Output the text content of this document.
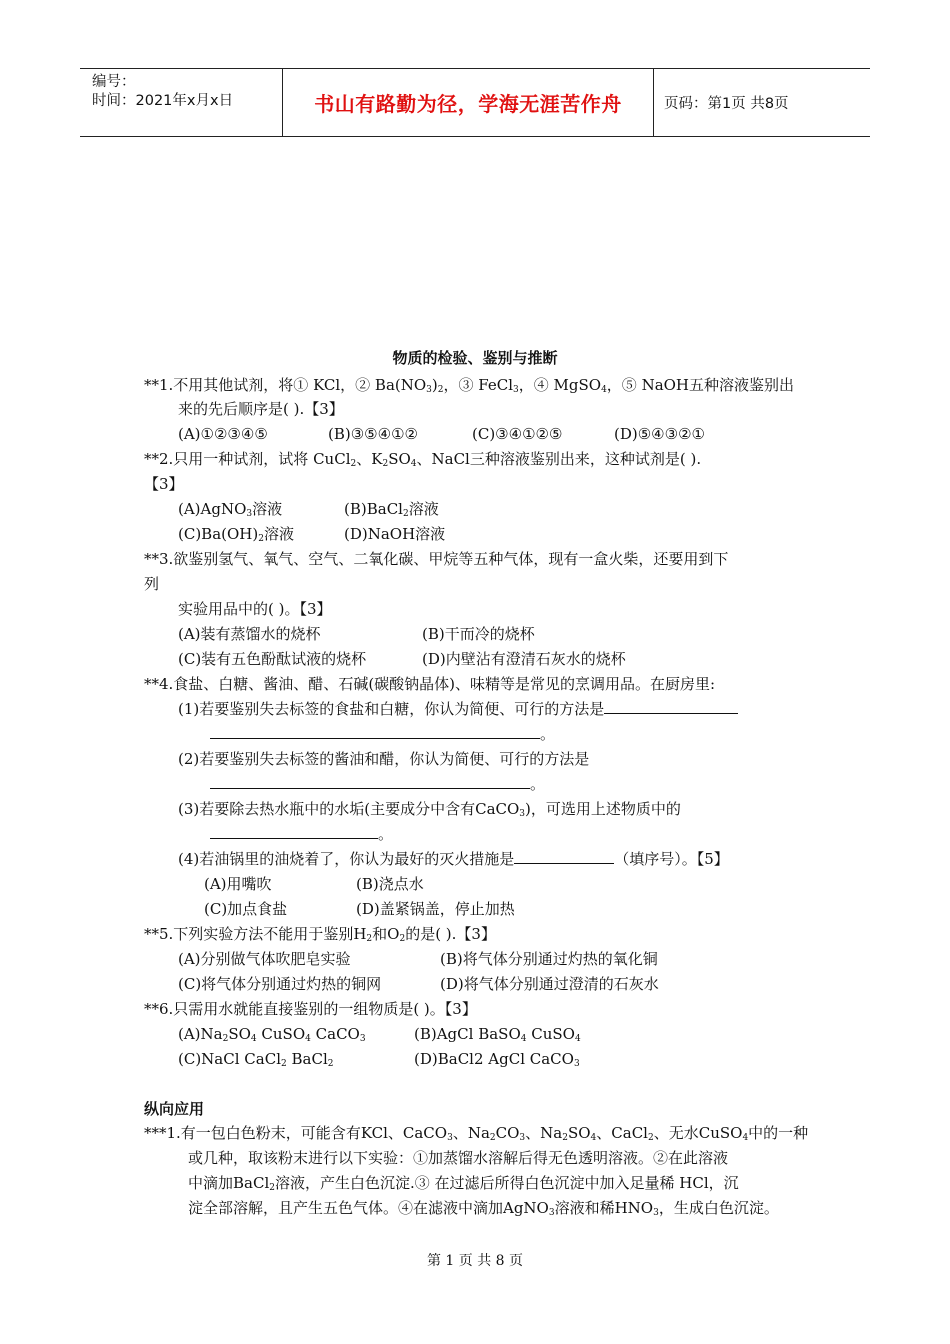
编号：
时间：2021年x月x日	书山有路勤为径，学海无涯苦作舟	页码：第1页 共8页
物质的检验、鉴别与推断
**1.不用其他试剂，将① KCl，② $Ba(NO_3)_2$，③ FeCl$_3$，④ MgSO$_4$，⑤ NaOH五种溶液鉴别出
来的先后顺序是( ).【3】
(A)①②③④⑤	(B)③⑤④①②	(C)③④①②⑤	(D)⑤④③②①
**2.只用一种试剂，试将 CuCl$_2$、$K_2SO_4$、NaCl三种溶液鉴别出来，这种试剂是( ).
【3】
(A)AgNO$_3$溶液	(B)BaCl$_2$溶液
$(C)Ba(OH)_2$溶液	(D)NaOH溶液
**3.欲鉴别氢气、氧气、空气、二氧化碳、甲烷等五种气体，现有一盒火柴，还要用到下
列
实验用品中的( )。【3】
(A)装有蒸馏水的烧杯	(B)干而冷的烧杯
(C)装有五色酚酞试液的烧杯	(D)内壁沾有澄清石灰水的烧杯
**4.食盐、白糖、酱油、醋、石碱(碳酸钠晶体)、味精等是常见的烹调用品。在厨房里:
(1)若要鉴别失去标签的食盐和白糖，你认为简便、可行的方法是
。
(2)若要鉴别失去标签的酱油和醋，你认为简便、可行的方法是
。
(3)若要除去热水瓶中的水垢(主要成分中含有CaCO$_3$)，可选用上述物质中的
。
(4)若油锅里的油烧着了，你认为最好的灭火措施是	（填序号）。【5】
(A)用嘴吹	(B)浇点水
(C)加点食盐	(D)盖紧锅盖，停止加热
**5.下列实验方法不能用于鉴别$H_2$和$O_2$的是( ).【3】
(A)分别做气体吹肥皂实验	(B)将气体分别通过灼热的氧化铜
(C)将气体分别通过灼热的铜网	(D)将气体分别通过澄清的石灰水
**6.只需用水就能直接鉴别的一组物质是( )。【3】
$(A)Na_2SO_4$ CuSO$_4$ CaCO$_3$	(B)AgCl BaSO$_4$ CuSO$_4$
(C)NaCl CaCl$_2$ BaCl$_2$	(D)BaCl2 AgCl CaCO$_3$
纵向应用
***1.有一包白色粉末，可能含有KCl、CaCO$_3$、$Na_2CO_3$、$Na_2SO_4$、CaCl$_2$、无水CuSO$_4$中的一种
或几种，取该粉末进行以下实验：①加蒸馏水溶解后得无色透明溶液。②在此溶液
中滴加BaCl$_2$溶液，产生白色沉淀.③ 在过滤后所得白色沉淀中加入足量稀 HCl，沉
淀全部溶解，且产生五色气体。④在滤液中滴加AgNO$_3$溶液和稀$HNO_3$，生成白色沉淀。
第 1 页 共 8 页
